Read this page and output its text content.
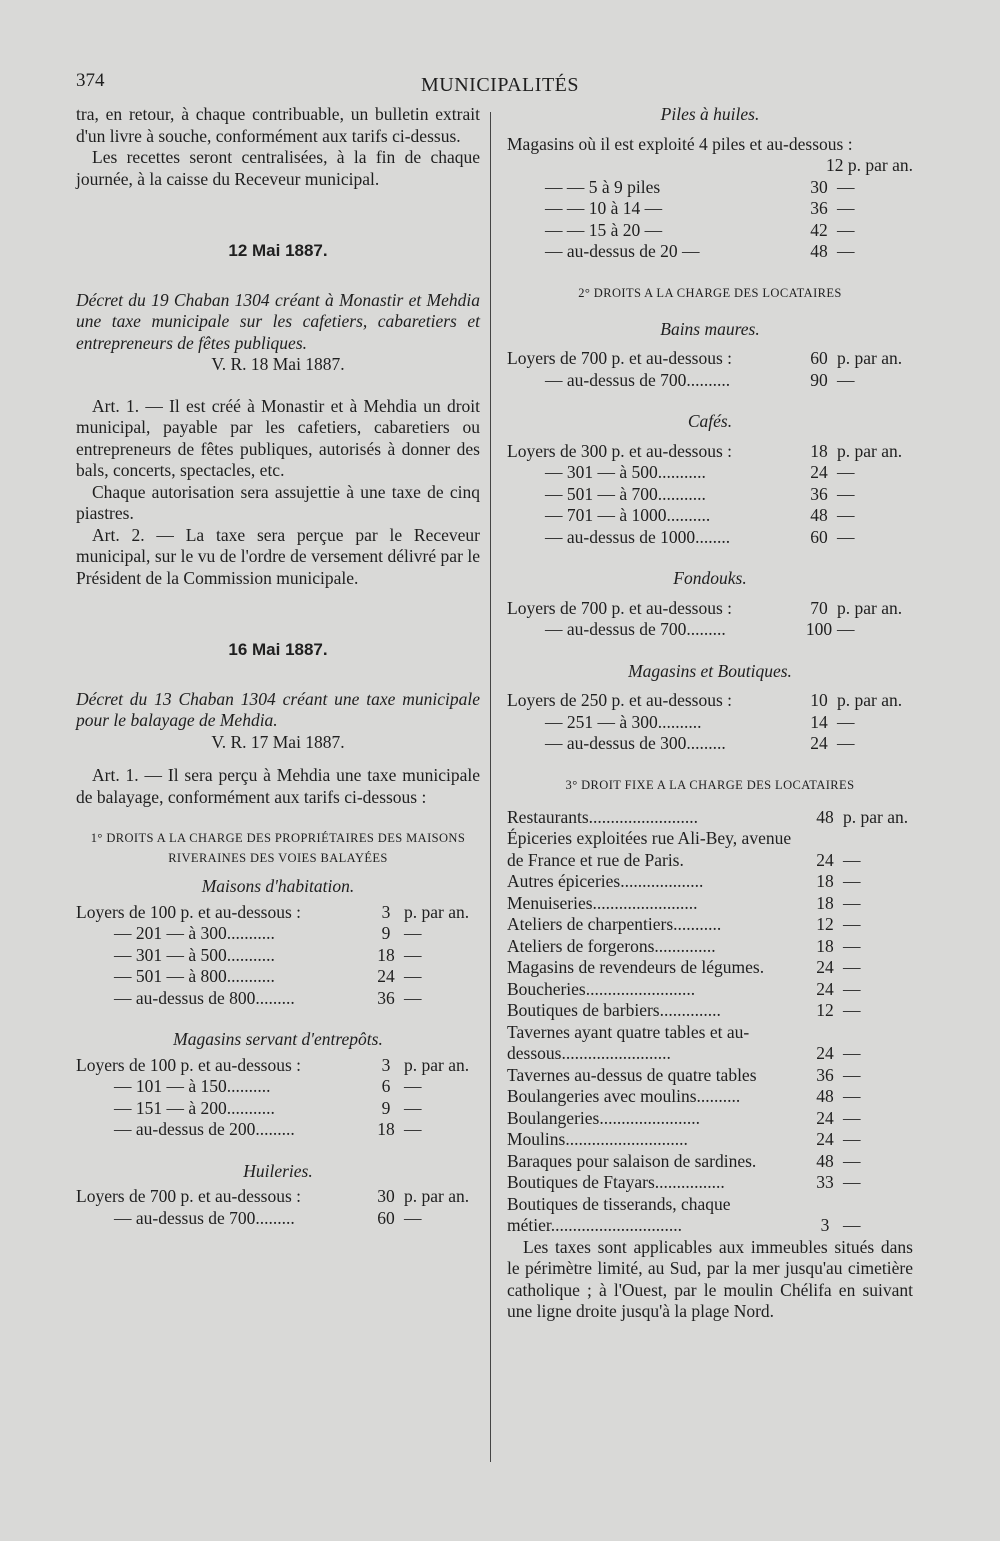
374	MUNICIPALITÉS

tra, en retour, à chaque contribuable, un bulletin extrait d'un livre à souche, conformément aux tarifs ci-dessus.

Les recettes seront centralisées, à la fin de chaque journée, à la caisse du Receveur municipal.

12 Mai 1887.

Décret du 19 Chaban 1304 créant à Monastir et Mehdia une taxe municipale sur les cafetiers, cabaretiers et entrepreneurs de fêtes publiques.

V. R. 18 Mai 1887.

Art. 1. — Il est créé à Monastir et à Mehdia un droit municipal, payable par les cafetiers, cabaretiers ou entrepreneurs de fêtes publiques, autorisés à donner des bals, concerts, spectacles, etc.

Chaque autorisation sera assujettie à une taxe de cinq piastres.

Art. 2. — La taxe sera perçue par le Receveur municipal, sur le vu de l'ordre de versement délivré par le Président de la Commission municipale.

16 Mai 1887.

Décret du 13 Chaban 1304 créant une taxe municipale pour le balayage de Mehdia.

V. R. 17 Mai 1887.

Art. 1. — Il sera perçu à Mehdia une taxe municipale de balayage, conformément aux tarifs ci-dessous :

1° DROITS A LA CHARGE DES PROPRIÉTAIRES DES MAISONS
RIVERAINES DES VOIES BALAYÉES
Maisons d'habitation.
Loyers de 100 p. et au-dessous :	3 p. par an.
— 201 — à 300...........	9 —
— 301 — à 500...........	18 —
— 501 — à 800...........	24 —
— au-dessus de 800.........	36 —
Magasins servant d'entrepôts.
Loyers de 100 p. et au-dessous :	3 p. par an.
— 101 — à 150..........	6 —
— 151 — à 200...........	9 —
— au-dessus de 200.........	18 —
Huileries.
Loyers de 700 p. et au-dessous :	30 p. par an.
— au-dessus de 700.........	60 —
Piles à huiles.
Magasins où il est exploité 4 piles et au-dessous :
12 p. par an.
— — 5 à 9 piles	30 —
— — 10 à 14 —	36 —
— — 15 à 20 —	42 —
— au-dessus de 20 —	48 —
2° DROITS A LA CHARGE DES LOCATAIRES
Bains maures.
Loyers de 700 p. et au-dessous :	60 p. par an.
— au-dessus de 700..........	90 —
Cafés.
Loyers de 300 p. et au-dessous :	18 p. par an.
— 301 — à 500...........	24 —
— 501 — à 700...........	36 —
— 701 — à 1000..........	48 —
— au-dessus de 1000........	60 —
Fondouks.
Loyers de 700 p. et au-dessous :	70 p. par an.
— au-dessus de 700.........	100 —
Magasins et Boutiques.
Loyers de 250 p. et au-dessous :	10 p. par an.
— 251 — à 300..........	14 —
— au-dessus de 300.........	24 —
3° DROIT FIXE A LA CHARGE DES LOCATAIRES
Restaurants.........................	48 p. par an.
Épiceries exploitées rue Ali-Bey, avenue de France et rue de Paris.	24 —
Autres épiceries...................	18 —
Menuiseries........................	18 —
Ateliers de charpentiers...........	12 —
Ateliers de forgerons..............	18 —
Magasins de revendeurs de légumes.	24 —
Boucheries.........................	24 —
Boutiques de barbiers..............	12 —
Tavernes ayant quatre tables et au-dessous.........................	24 —
Tavernes au-dessus de quatre tables	36 —
Boulangeries avec moulins..........	48 —
Boulangeries.......................	24 —
Moulins............................	24 —
Baraques pour salaison de sardines.	48 —
Boutiques de Ftayars................	33 —
Boutiques de tisserands, chaque métier..............................	3 —

Les taxes sont applicables aux immeubles situés dans le périmètre limité, au Sud, par la mer jusqu'au cimetière catholique ; à l'Ouest, par le moulin Chélifa en suivant une ligne droite jusqu'à la plage Nord.
